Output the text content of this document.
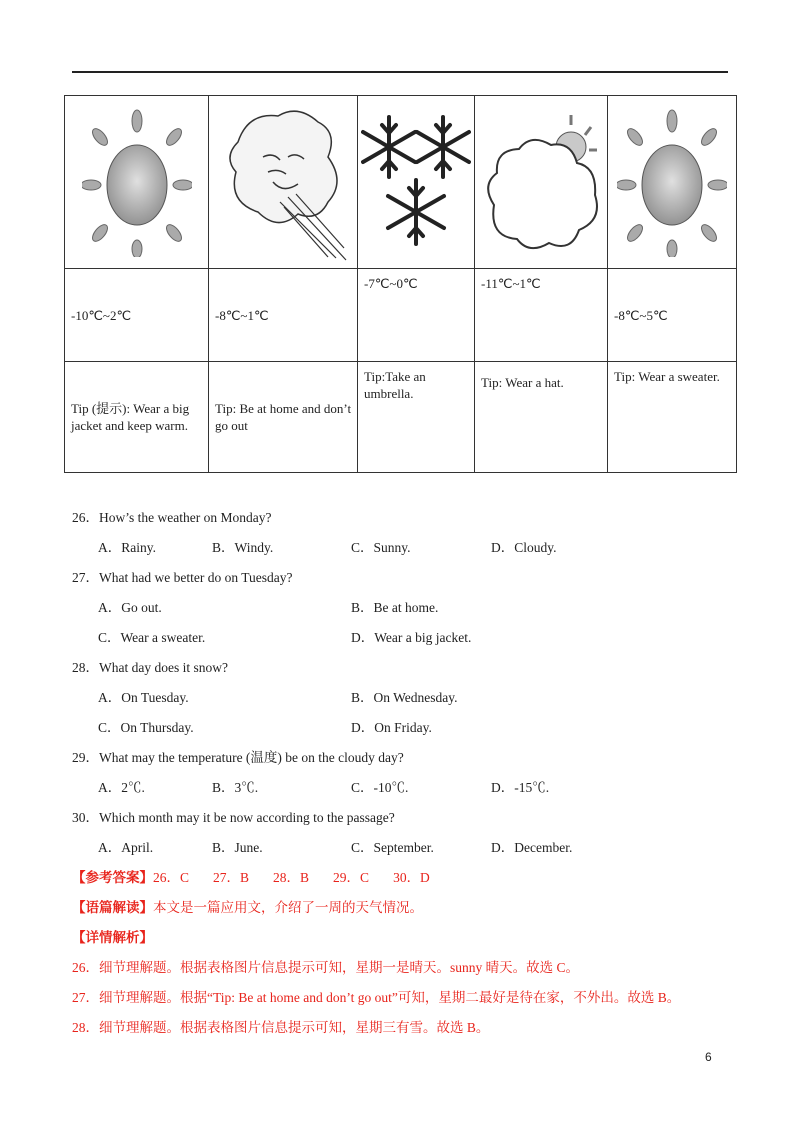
-10℃~2℃	-8℃~1℃	-7℃~0℃	-11℃~1℃	-8℃~5℃
Tip (提示): Wear a big jacket and keep warm.	Tip: Be at home and don’t go out	Tip:Take an umbrella.	Tip: Wear a hat.	Tip: Wear a sweater.
26．How’s the weather on Monday?
A．Rainy.	B．Windy.	C．Sunny.	D．Cloudy.
27．What had we better do on Tuesday?
A．Go out.	B．Be at home.
C．Wear a sweater.	D．Wear a big jacket.
28．What day does it snow?
A．On Tuesday.	B．On Wednesday.
C．On Thursday.	D．On Friday.
29．What may the temperature (温度) be on the cloudy day?
A．2℃.	B．3℃.	C．-10℃.	D．-15℃.
30．Which month may it be now according to the passage?
A．April.	B．June.	C．September.	D．December.
【参考答案】26．C 27．B 28．B 29．C 30．D
【语篇解读】本文是一篇应用文，介绍了一周的天气情况。
【详情解析】
26．细节理解题。根据表格图片信息提示可知，星期一是晴天。sunny 晴天。故选 C。
27．细节理解题。根据“Tip: Be at home and don’t go out”可知，星期二最好是待在家，不外出。故选 B。
28．细节理解题。根据表格图片信息提示可知，星期三有雪。故选 B。
6
